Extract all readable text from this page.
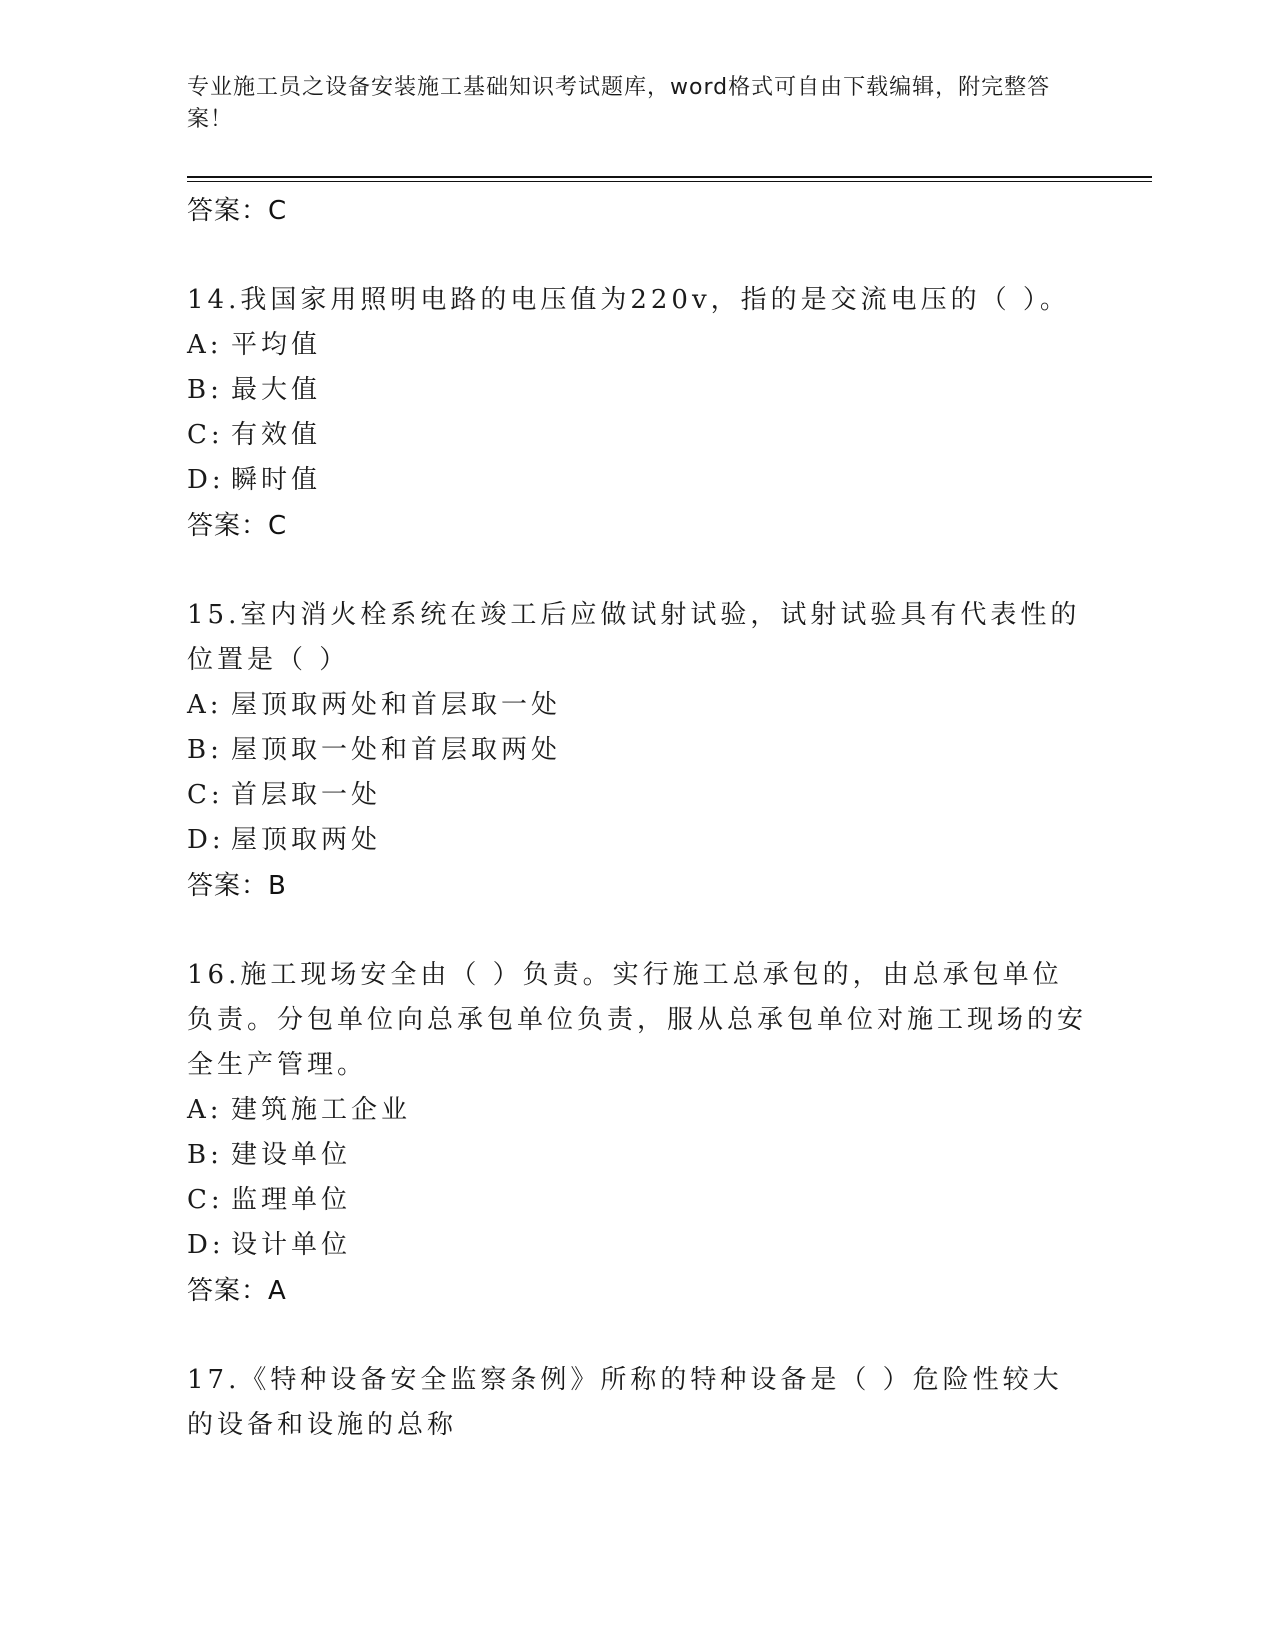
专业施工员之设备安装施工基础知识考试题库，word格式可自由下载编辑，附完整答案！
答案：C
14.我国家用照明电路的电压值为220v，指的是交流电压的（ ）。
A: 平均值
B: 最大值
C: 有效值
D: 瞬时值
答案：C
15.室内消火栓系统在竣工后应做试射试验，试射试验具有代表性的位置是（ ）
A: 屋顶取两处和首层取一处
B: 屋顶取一处和首层取两处
C: 首层取一处
D: 屋顶取两处
答案：B
16.施工现场安全由（ ）负责。实行施工总承包的，由总承包单位负责。分包单位向总承包单位负责，服从总承包单位对施工现场的安全生产管理。
A: 建筑施工企业
B: 建设单位
C: 监理单位
D: 设计单位
答案：A
17.《特种设备安全监察条例》所称的特种设备是（ ）危险性较大的设备和设施的总称
